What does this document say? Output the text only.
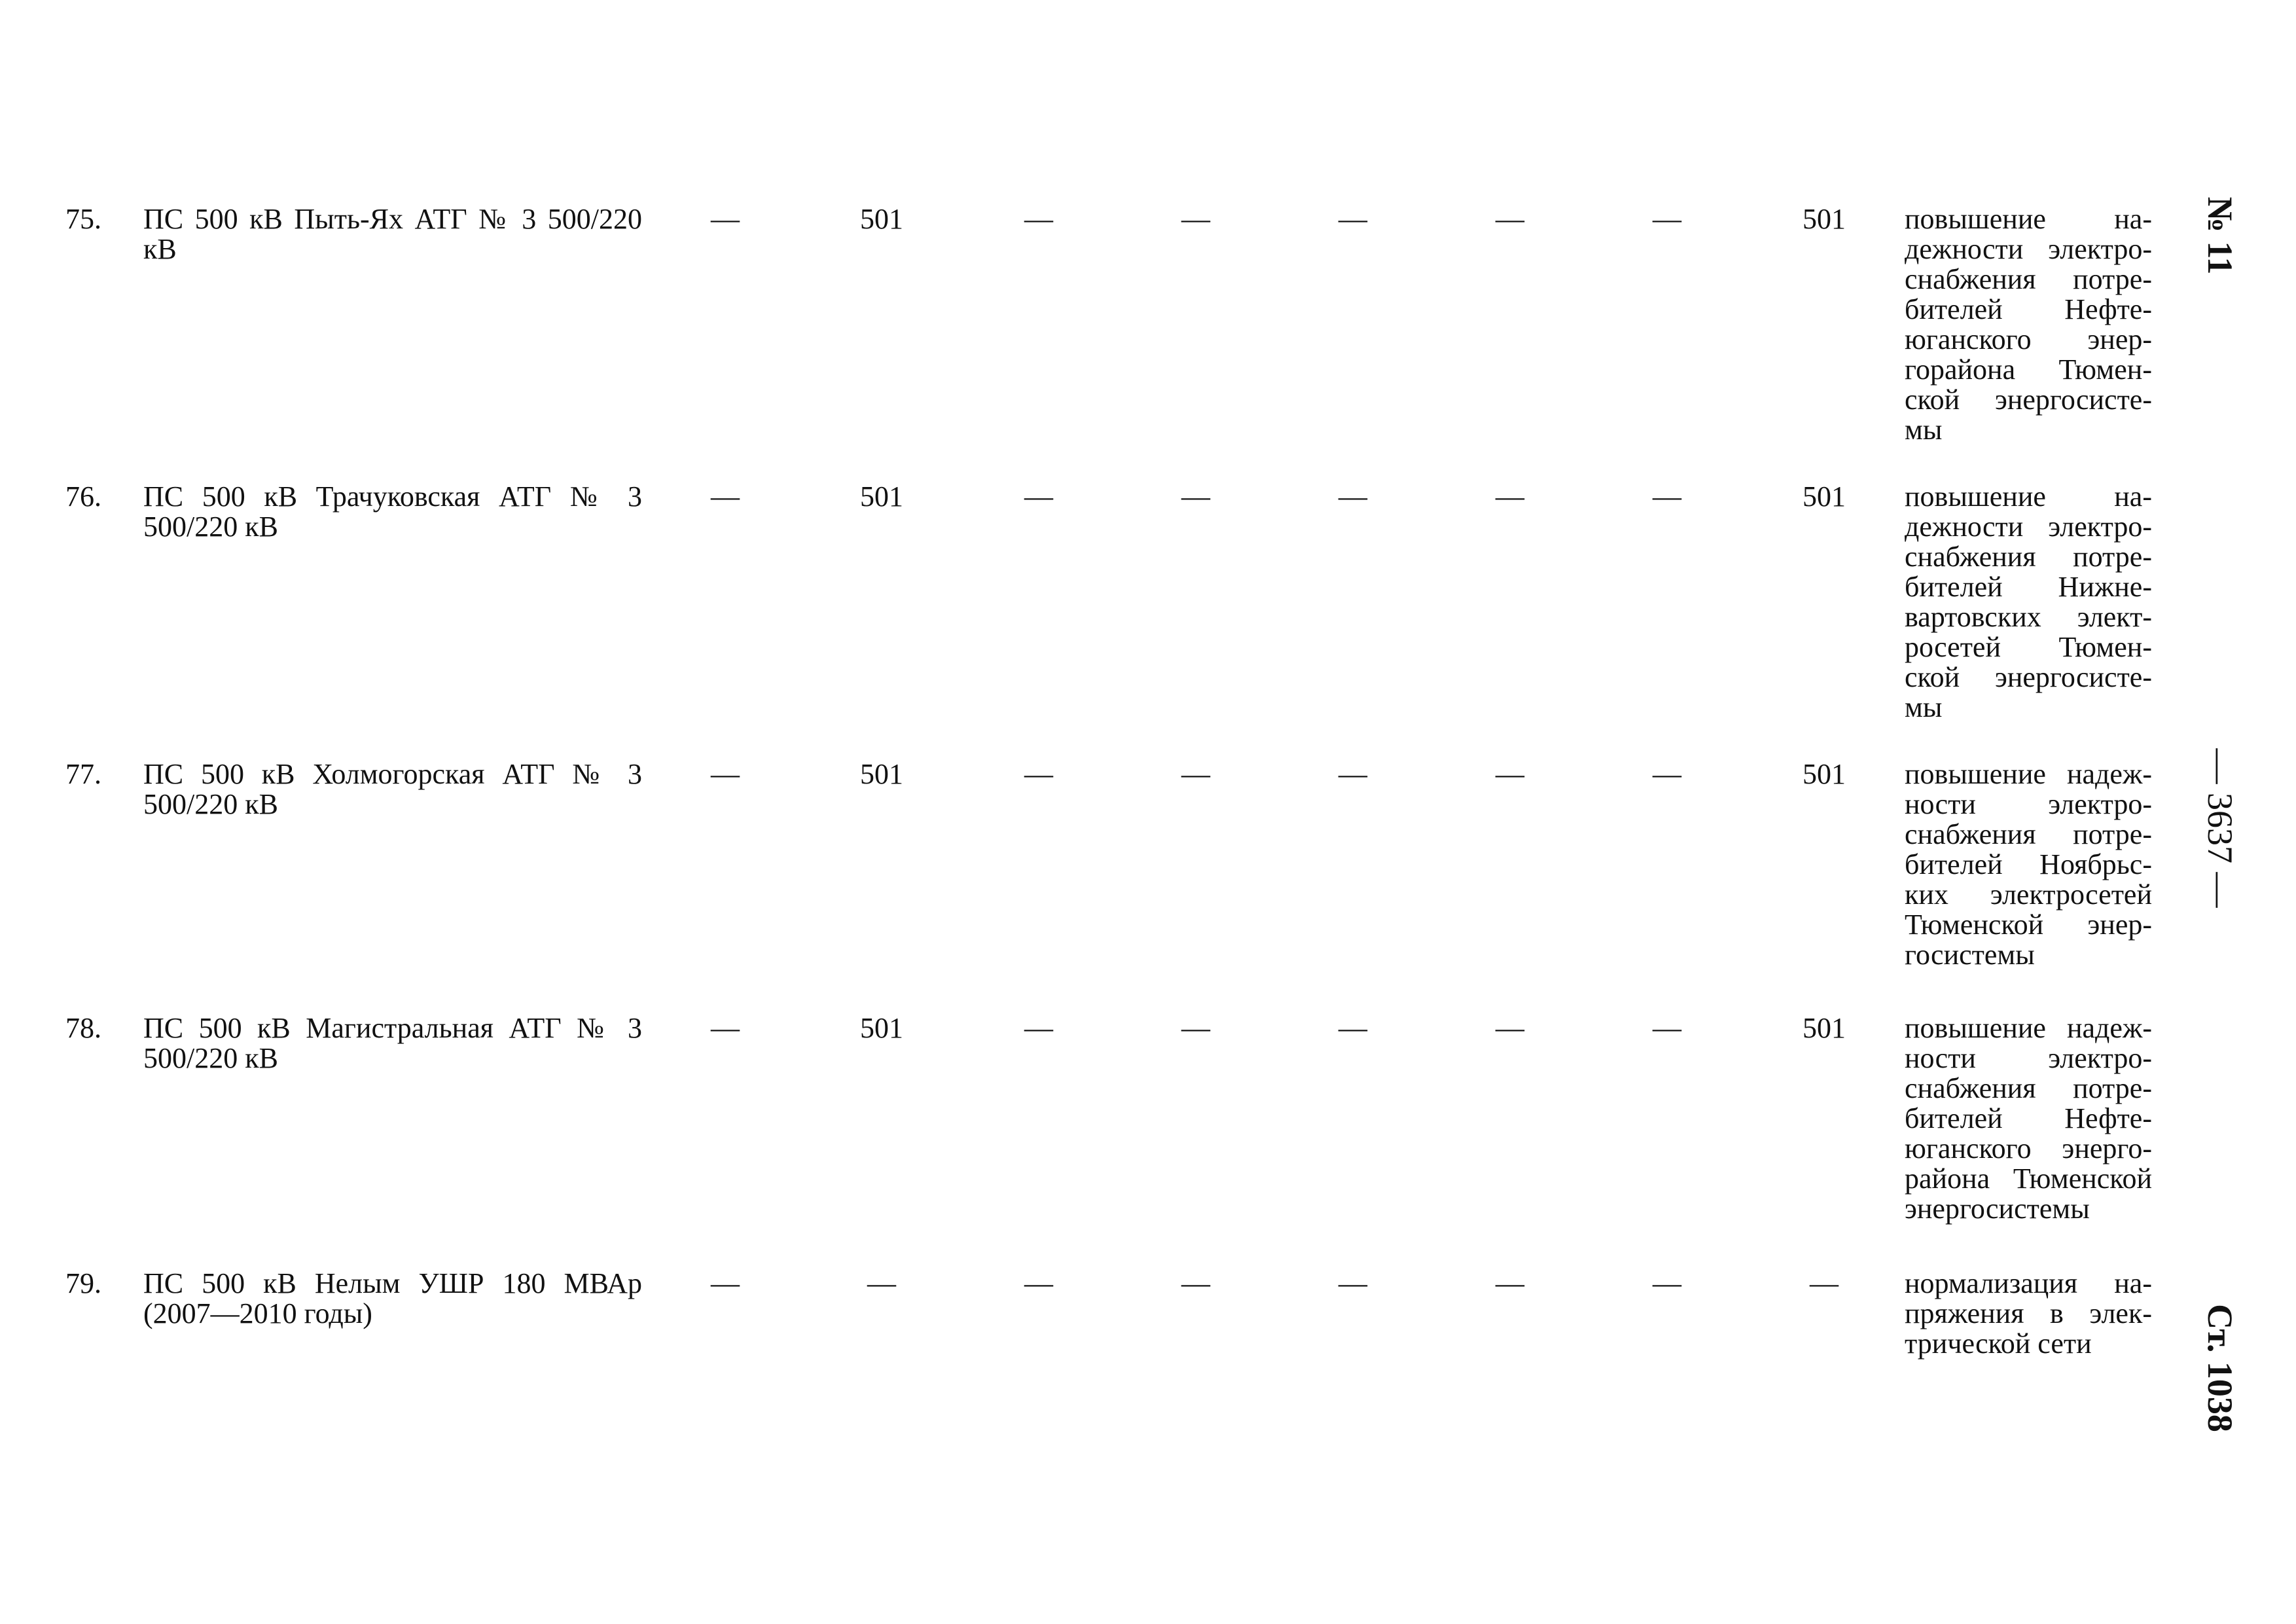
75. ПС 500 кВ Пыть-Ях АТГ № 3 500/220 кВ
—	501	—	—	—	—	—	501	повышение на-
дежности электро-
снабжения потре-
бителей Нефте-
юганского энер-
горайона Тюмен-
ской энергосисте-
мы
76. ПС 500 кВ Трачуковская АТГ № 3 500/220 кВ
—	501	—	—	—	—	—	501	повышение на-
дежности электро-
снабжения потре-
бителей Нижне-
вартовских элект-
росетей Тюмен-
ской энергосисте-
мы
77. ПС 500 кВ Холмогорская АТГ № 3 500/220 кВ
—	501	—	—	—	—	—	501	повышение надеж-
ности электро-
снабжения потре-
бителей Ноябрьс-
ких электросетей
Тюменской энер-
госистемы
78. ПС 500 кВ Магистральная АТГ № 3 500/220 кВ
—	501	—	—	—	—	—	501	повышение надеж-
ности электро-
снабжения потре-
бителей Нефте-
юганского энерго-
района Тюменской
энергосистемы
79. ПС 500 кВ Нелым УШР 180 МВАр (2007—2010 годы)
—	—	—	—	—	—	—	—	нормализация на-
пряжения в элек-
трической сети
№ 11
— 3637 —
Ст. 1038
